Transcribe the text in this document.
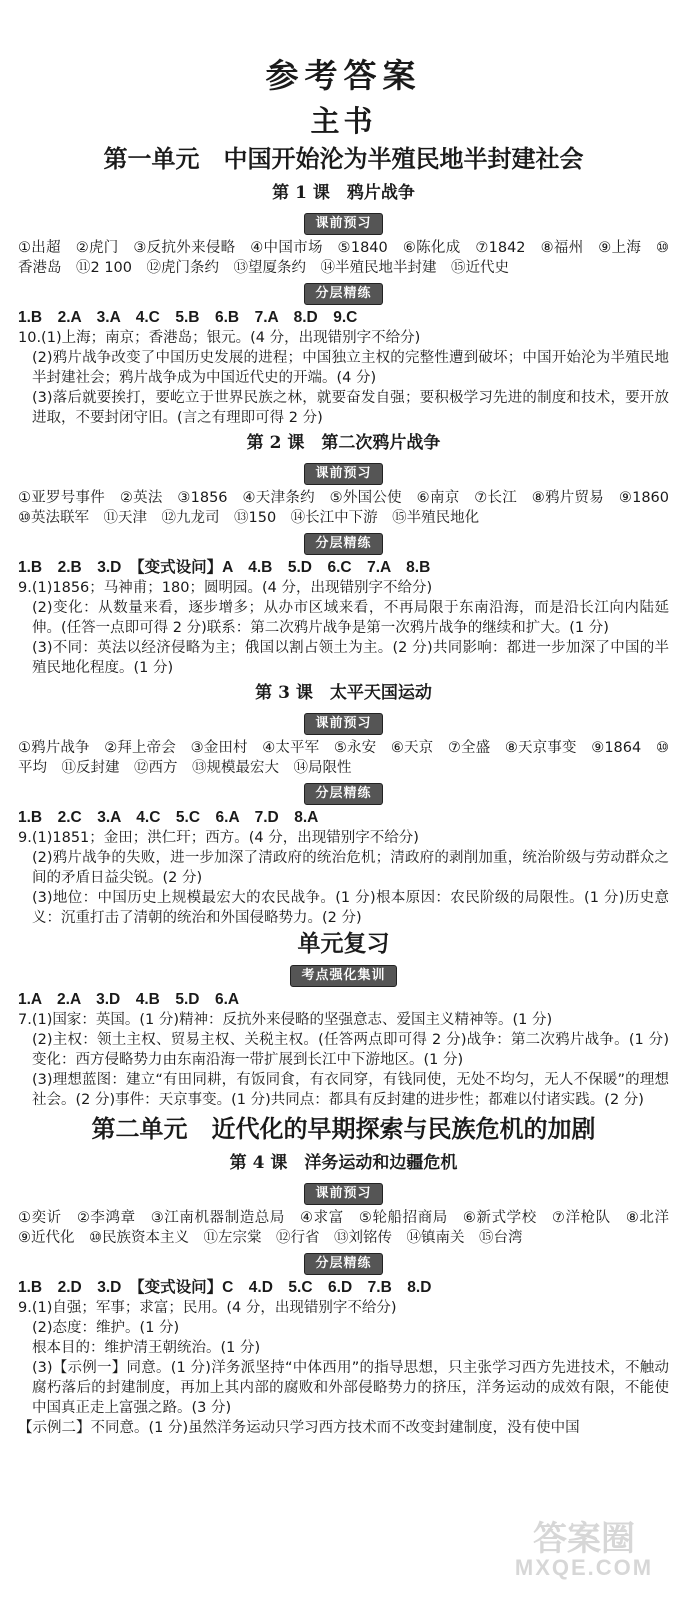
参考答案
主书
第一单元　中国开始沦为半殖民地半封建社会
第 1 课　鸦片战争
课前预习

①出超　②虎门　③反抗外来侵略　④中国市场　⑤1840　⑥陈化成　⑦1842　⑧福州　⑨上海　⑩香港岛　⑪2 100　⑫虎门条约　⑬望厦条约　⑭半殖民地半封建　⑮近代史

分层精练

1.B　2.A　3.A　4.C　5.B　6.B　7.A　8.D　9.C

10.(1)上海；南京；香港岛；银元。(4 分，出现错别字不给分)

(2)鸦片战争改变了中国历史发展的进程；中国独立主权的完整性遭到破坏；中国开始沦为半殖民地半封建社会；鸦片战争成为中国近代史的开端。(4 分)

(3)落后就要挨打，要屹立于世界民族之林，就要奋发自强；要积极学习先进的制度和技术，要开放进取，不要封闭守旧。(言之有理即可得 2 分)

第 2 课　第二次鸦片战争
课前预习

①亚罗号事件　②英法　③1856　④天津条约　⑤外国公使　⑥南京　⑦长江　⑧鸦片贸易　⑨1860　⑩英法联军　⑪天津　⑫九龙司　⑬150　⑭长江中下游　⑮半殖民地化

分层精练

1.B　2.B　3.D　【变式设问】A　4.B　5.D　6.C　7.A　8.B

9.(1)1856；马神甫；180；圆明园。(4 分，出现错别字不给分)

(2)变化：从数量来看，逐步增多；从办市区域来看，不再局限于东南沿海，而是沿长江向内陆延伸。(任答一点即可得 2 分)联系：第二次鸦片战争是第一次鸦片战争的继续和扩大。(1 分)

(3)不同：英法以经济侵略为主；俄国以割占领土为主。(2 分)共同影响：都进一步加深了中国的半殖民地化程度。(1 分)

第 3 课　太平天国运动
课前预习

①鸦片战争　②拜上帝会　③金田村　④太平军　⑤永安　⑥天京　⑦全盛　⑧天京事变　⑨1864　⑩平均　⑪反封建　⑫西方　⑬规模最宏大　⑭局限性

分层精练

1.B　2.C　3.A　4.C　5.C　6.A　7.D　8.A

9.(1)1851；金田；洪仁玕；西方。(4 分，出现错别字不给分)

(2)鸦片战争的失败，进一步加深了清政府的统治危机；清政府的剥削加重，统治阶级与劳动群众之间的矛盾日益尖锐。(2 分)

(3)地位：中国历史上规模最宏大的农民战争。(1 分)根本原因：农民阶级的局限性。(1 分)历史意义：沉重打击了清朝的统治和外国侵略势力。(2 分)

单元复习
考点强化集训

1.A　2.A　3.D　4.B　5.D　6.A

7.(1)国家：英国。(1 分)精神：反抗外来侵略的坚强意志、爱国主义精神等。(1 分)

(2)主权：领土主权、贸易主权、关税主权。(任答两点即可得 2 分)战争：第二次鸦片战争。(1 分)变化：西方侵略势力由东南沿海一带扩展到长江中下游地区。(1 分)

(3)理想蓝图：建立“有田同耕，有饭同食，有衣同穿，有钱同使，无处不均匀，无人不保暖”的理想社会。(2 分)事件：天京事变。(1 分)共同点：都具有反封建的进步性；都难以付诸实践。(2 分)

第二单元　近代化的早期探索与民族危机的加剧
第 4 课　洋务运动和边疆危机
课前预习

①奕䜣　②李鸿章　③江南机器制造总局　④求富　⑤轮船招商局　⑥新式学校　⑦洋枪队　⑧北洋　⑨近代化　⑩民族资本主义　⑪左宗棠　⑫行省　⑬刘铭传　⑭镇南关　⑮台湾

分层精练

1.B　2.D　3.D　【变式设问】C　4.D　5.C　6.D　7.B　8.D

9.(1)自强；军事；求富；民用。(4 分，出现错别字不给分)

(2)态度：维护。(1 分)

根本目的：维护清王朝统治。(1 分)

(3)【示例一】同意。(1 分)洋务派坚持“中体西用”的指导思想，只主张学习西方先进技术，不触动腐朽落后的封建制度，再加上其内部的腐败和外部侵略势力的挤压，洋务运动的成效有限，不能使中国真正走上富强之路。(3 分)

【示例二】不同意。(1 分)虽然洋务运动只学习西方技术而不改变封建制度，没有使中国

答案圈
MXQE.COM
